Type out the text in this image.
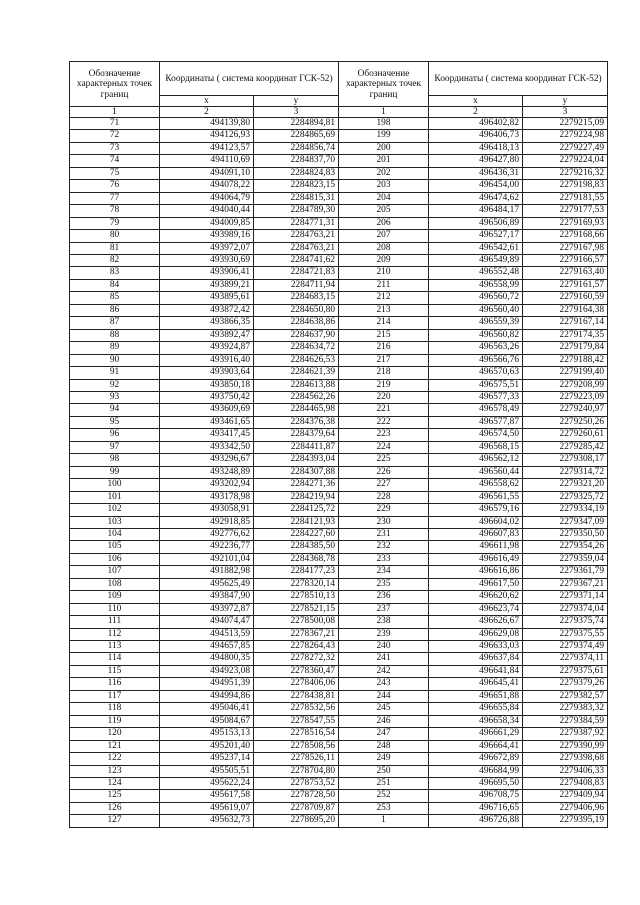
Обозначение характерных точек границ	Координаты ( система координат ГСК-52)		Обозначение характерных точек границ	Координаты ( система координат ГСК-52)	
	x	y		x	y
1	2	3	1	2	3
71	494139,80	2284894,81	198	496402,82	2279215,09
72	494126,93	2284865,69	199	496406,73	2279224,98
73	494123,57	2284856,74	200	496418,13	2279227,49
74	494110,69	2284837,70	201	496427,80	2279224,04
75	494091,10	2284824,83	202	496436,31	2279216,32
76	494078,22	2284823,15	203	496454,00	2279198,83
77	494064,79	2284815,31	204	496474,62	2279181,55
78	494040,44	2284789,30	205	496484,17	2279177,53
79	494009,85	2284771,31	206	496506,89	2279169,93
80	493989,16	2284763,21	207	496527,17	2279168,66
81	493972,07	2284763,21	208	496542,61	2279167,98
82	493930,69	2284741,62	209	496549,89	2279166,57
83	493906,41	2284721,83	210	496552,48	2279163,40
84	493899,21	2284711,94	211	496558,99	2279161,57
85	493895,61	2284683,15	212	496560,72	2279160,59
86	493872,42	2284650,80	213	496560,40	2279164,38
87	493866,35	2284638,86	214	496559,39	2279167,14
88	493892,47	2284637,90	215	496560,82	2279174,35
89	493924,87	2284634,72	216	496563,26	2279179,84
90	493916,40	2284626,53	217	496566,76	2279188,42
91	493903,64	2284621,39	218	496570,63	2279199,40
92	493850,18	2284613,88	219	496575,51	2279208,99
93	493750,42	2284562,26	220	496577,33	2279223,09
94	493609,69	2284465,98	221	496578,49	2279240,97
95	493461,65	2284376,38	222	496577,87	2279250,26
96	493417,45	2284379,64	223	496574,50	2279260,61
97	493342,50	2284411,87	224	496568,15	2279285,42
98	493296,67	2284393,04	225	496562,12	2279308,17
99	493248,89	2284307,88	226	496560,44	2279314,72
100	493202,94	2284271,36	227	496558,62	2279321,20
101	493178,98	2284219,94	228	496561,55	2279325,72
102	493058,91	2284125,72	229	496579,16	2279334,19
103	492918,85	2284121,93	230	496604,02	2279347,09
104	492776,62	2284227,60	231	496607,83	2279350,50
105	492236,77	2284385,50	232	496611,98	2279354,26
106	492101,04	2284368,78	233	496616,49	2279359,04
107	491882,98	2284177,23	234	496616,86	2279361,79
108	495625,49	2278320,14	235	496617,50	2279367,21
109	493847,90	2278510,13	236	496620,62	2279371,14
110	493972,87	2278521,15	237	496623,74	2279374,04
111	494074,47	2278500,08	238	496626,67	2279375,74
112	494513,59	2278367,21	239	496629,08	2279375,55
113	494657,85	2278264,43	240	496633,03	2279374,49
114	494800,35	2278272,32	241	496637,84	2279374,11
115	494923,08	2278360,47	242	496641,84	2279375,61
116	494951,39	2278406,06	243	496645,41	2279379,26
117	494994,86	2278438,81	244	496651,88	2279382,57
118	495046,41	2278532,56	245	496655,84	2279383,32
119	495084,67	2278547,55	246	496658,34	2279384,59
120	495153,13	2278516,54	247	496661,29	2279387,92
121	495201,40	2278508,56	248	496664,41	2279390,99
122	495237,14	2278526,11	249	496672,89	2279398,68
123	495505,51	2278704,80	250	496684,99	2279406,33
124	495622,24	2278753,52	251	496695,50	2279408,83
125	495617,58	2278728,50	252	496708,75	2279409,94
126	495619,07	2278709,87	253	496716,65	2279406,96
127	495632,73	2278695,20	1	496726,88	2279395,19
